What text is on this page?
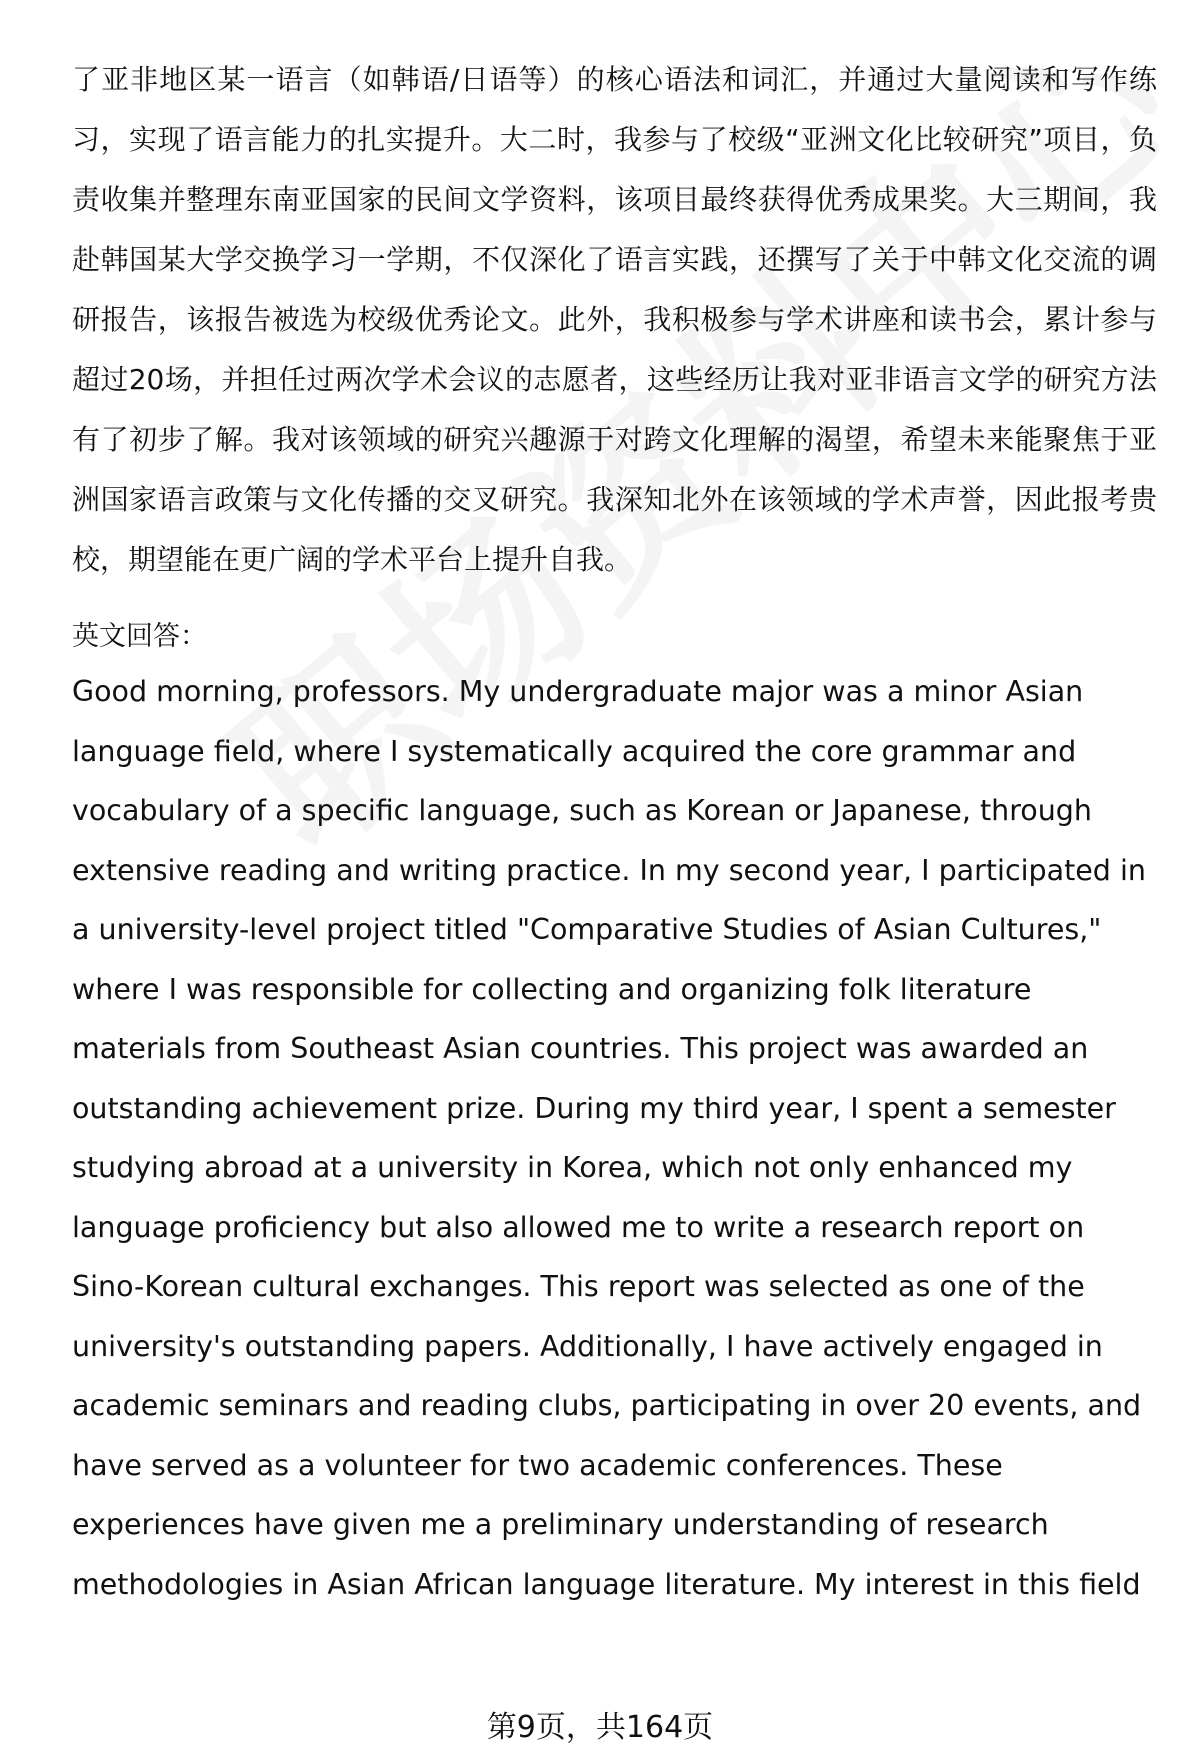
了亚非地区某一语言（如韩语/日语等）的核心语法和词汇，并通过大量阅读和写作练习，实现了语言能力的扎实提升。大二时，我参与了校级“亚洲文化比较研究”项目，负责收集并整理东南亚国家的民间文学资料，该项目最终获得优秀成果奖。大三期间，我赴韩国某大学交换学习一学期，不仅深化了语言实践，还撰写了关于中韩文化交流的调研报告，该报告被选为校级优秀论文。此外，我积极参与学术讲座和读书会，累计参与超过20场，并担任过两次学术会议的志愿者，这些经历让我对亚非语言文学的研究方法有了初步了解。我对该领域的研究兴趣源于对跨文化理解的渴望，希望未来能聚焦于亚洲国家语言政策与文化传播的交叉研究。我深知北外在该领域的学术声誉，因此报考贵校，期望能在更广阔的学术平台上提升自我。

英文回答：

Good morning, professors. My undergraduate major was a minor Asian language field, where I systematically acquired the core grammar and vocabulary of a specific language, such as Korean or Japanese, through extensive reading and writing practice. In my second year, I participated in a university-level project titled "Comparative Studies of Asian Cultures," where I was responsible for collecting and organizing folk literature materials from Southeast Asian countries. This project was awarded an outstanding achievement prize. During my third year, I spent a semester studying abroad at a university in Korea, which not only enhanced my language proficiency but also allowed me to write a research report on Sino-Korean cultural exchanges. This report was selected as one of the university's outstanding papers. Additionally, I have actively engaged in academic seminars and reading clubs, participating in over 20 events, and have served as a volunteer for two academic conferences. These experiences have given me a preliminary understanding of research methodologies in Asian African language literature. My interest in this field

第9页，共164页
